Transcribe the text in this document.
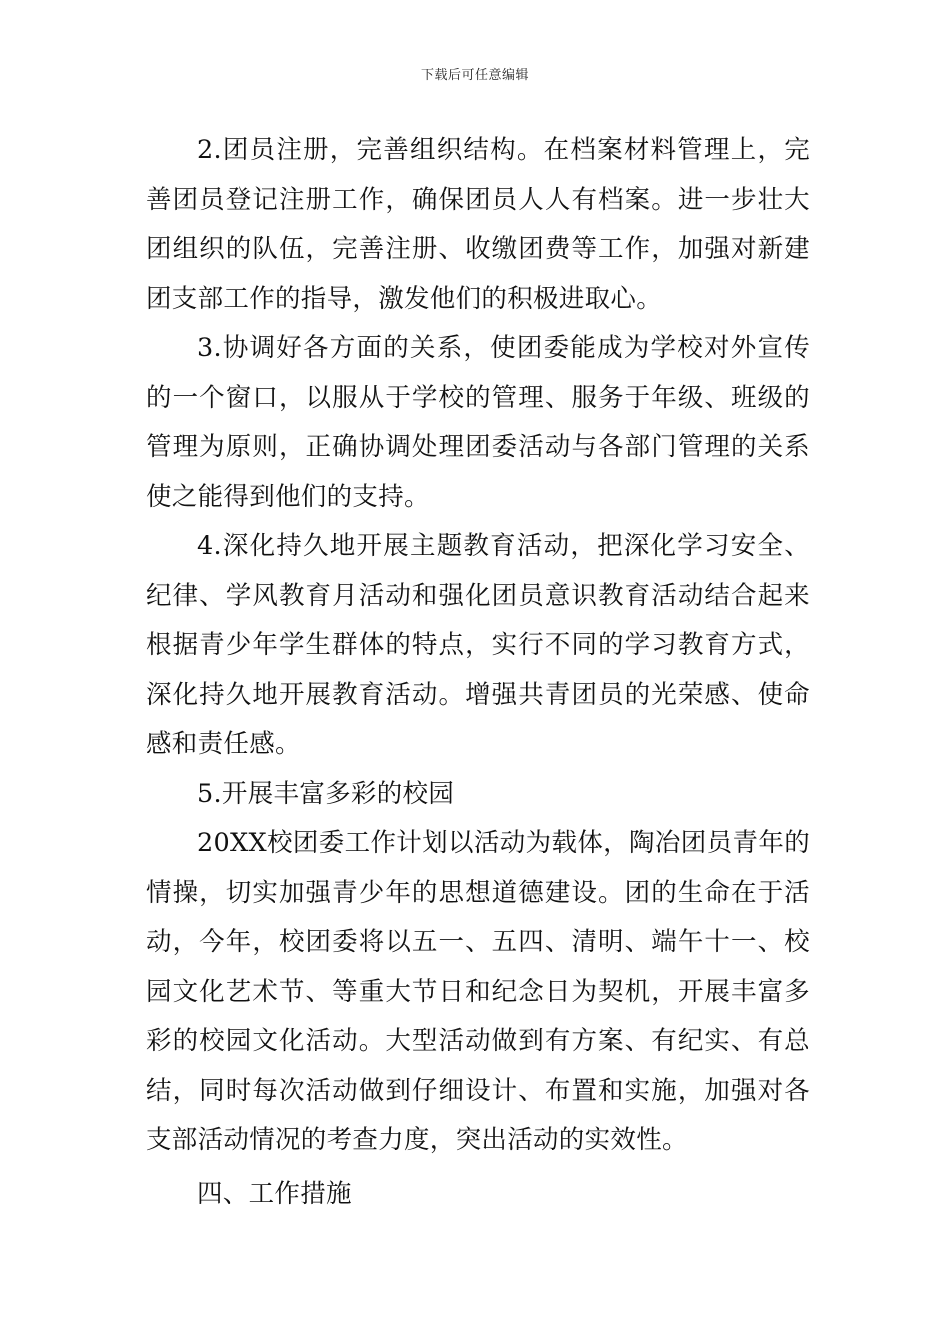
下载后可任意编辑

2.团员注册，完善组织结构。在档案材料管理上，完善团员登记注册工作，确保团员人人有档案。进一步壮大团组织的队伍，完善注册、收缴团费等工作，加强对新建团支部工作的指导，激发他们的积极进取心。

3.协调好各方面的关系，使团委能成为学校对外宣传的一个窗口，以服从于学校的管理、服务于年级、班级的管理为原则，正确协调处理团委活动与各部门管理的关系使之能得到他们的支持。

4.深化持久地开展主题教育活动，把深化学习安全、纪律、学风教育月活动和强化团员意识教育活动结合起来根据青少年学生群体的特点，实行不同的学习教育方式，深化持久地开展教育活动。增强共青团员的光荣感、使命感和责任感。

5.开展丰富多彩的校园

20XX校团委工作计划以活动为载体，陶冶团员青年的情操，切实加强青少年的思想道德建设。团的生命在于活动，今年，校团委将以五一、五四、清明、端午十一、校园文化艺术节、等重大节日和纪念日为契机，开展丰富多彩的校园文化活动。大型活动做到有方案、有纪实、有总结，同时每次活动做到仔细设计、布置和实施，加强对各支部活动情况的考查力度，突出活动的实效性。

四、工作措施
